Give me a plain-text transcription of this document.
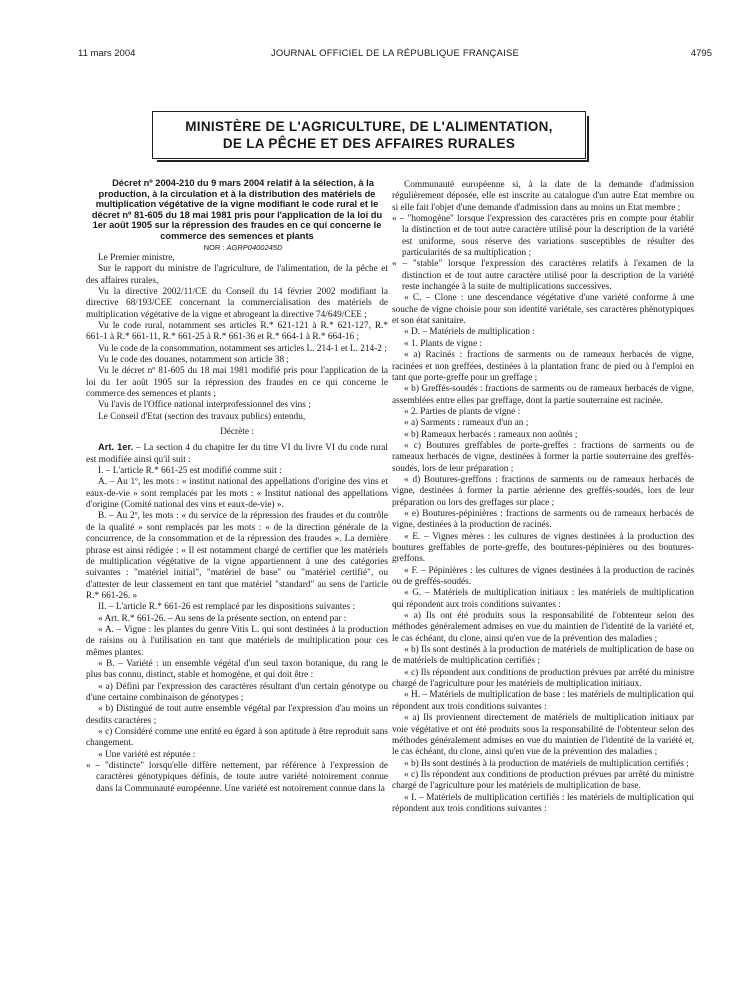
11 mars 2004	JOURNAL OFFICIEL DE LA RÉPUBLIQUE FRANÇAISE	4795
MINISTÈRE DE L'AGRICULTURE, DE L'ALIMENTATION,
DE LA PÊCHE ET DES AFFAIRES RURALES

Décret nº 2004-210 du 9 mars 2004 relatif à la sélection, à la production, à la circulation et à la distribution des matériels de multiplication végétative de la vigne modifiant le code rural et le décret nº 81-605 du 18 mai 1981 pris pour l'application de la loi du 1er août 1905 sur la répression des fraudes en ce qui concerne le commerce des semences et plants

NOR : AGRP0400245D

Le Premier ministre,

Sur le rapport du ministre de l'agriculture, de l'alimentation, de la pêche et des affaires rurales,

Vu la directive 2002/11/CE du Conseil du 14 février 2002 modifiant la directive 68/193/CEE concernant la commercialisation des matériels de multiplication végétative de la vigne et abrogeant la directive 74/649/CEE ;

Vu le code rural, notamment ses articles R.* 621-121 à R.* 621-127, R.* 661-1 à R.* 661-11, R.* 661-25 à R.* 661-36 et R.* 664-1 à R.* 664-16 ;

Vu le code de la consommation, notamment ses articles L. 214-1 et L. 214-2 ;

Vu le code des douanes, notamment son article 38 ;

Vu le décret nº 81-605 du 18 mai 1981 modifié pris pour l'application de la loi du 1er août 1905 sur la répression des fraudes en ce qui concerne le commerce des semences et plants ;

Vu l'avis de l'Office national interprofessionnel des vins ;

Le Conseil d'Etat (section des travaux publics) entendu,

Décrète :

Art. 1er. – La section 4 du chapitre Ier du titre VI du livre VI du code rural est modifiée ainsi qu'il suit :

I. – L'article R.* 661-25 est modifié comme suit :

A. – Au 1º, les mots : « institut national des appellations d'origine des vins et eaux-de-vie » sont remplacés par les mots : « Institut national des appellations d'origine (Comité national des vins et eaux-de-vie) ».

B. – Au 2º, les mots : « du service de la répression des fraudes et du contrôle de la qualité » sont remplacés par les mots : « de la direction générale de la concurrence, de la consommation et de la répression des fraudes ». La dernière phrase est ainsi rédigée : « Il est notamment chargé de certifier que les matériels de multiplication végétative de la vigne appartiennent à une des catégories suivantes : "matériel initial", "matériel de base" ou "matériel certifié", ou d'attester de leur classement en tant que matériel "standard" au sens de l'article R.* 661-26. »

II. – L'article R.* 661-26 est remplacé par les dispositions suivantes :

« Art. R.* 661-26. – Au sens de la présente section, on entend par :

« A. – Vigne : les plantes du genre Vitis L. qui sont destinées à la production de raisins ou à l'utilisation en tant que matériels de multiplication pour ces mêmes plantes.

« B. – Variété : un ensemble végétal d'un seul taxon botanique, du rang le plus bas connu, distinct, stable et homogène, et qui doit être :

« a) Défini par l'expression des caractères résultant d'un certain génotype ou d'une certaine combinaison de génotypes ;

« b) Distingué de tout autre ensemble végétal par l'expression d'au moins un desdits caractères ;

« c) Considéré comme une entité eu égard à son aptitude à être reproduit sans changement.

« Une variété est réputée :

« – "distincte" lorsqu'elle diffère nettement, par référence à l'expression de caractères génotypiques définis, de toute autre variété notoirement connue dans la Communauté européenne. Une variété est notoirement connue dans la

Communauté européenne si, à la date de la demande d'admission régulièrement déposée, elle est inscrite au catalogue d'un autre Etat membre ou si elle fait l'objet d'une demande d'admission dans au moins un Etat membre ;

« – "homogène" lorsque l'expression des caractères pris en compte pour établir la distinction et de tout autre caractère utilisé pour la description de la variété est uniforme, sous réserve des variations susceptibles de résulter des particularités de sa multiplication ;

« – "stable" lorsque l'expression des caractères relatifs à l'examen de la distinction et de tout autre caractère utilisé pour la description de la variété reste inchangée à la suite de multiplications successives.

« C. – Clone : une descendance végétative d'une variété conforme à une souche de vigne choisie pour son identité variétale, ses caractères phénotypiques et son état sanitaire.

« D. – Matériels de multiplication :

« 1. Plants de vigne :

« a) Racinés : fractions de sarments ou de rameaux herbacés de vigne, racinées et non greffées, destinées à la plantation franc de pied ou à l'emploi en tant que porte-greffe pour un greffage ;

« b) Greffés-soudés : fractions de sarments ou de rameaux herbacés de vigne, assemblées entre elles par greffage, dont la partie souterraine est racinée.

« 2. Parties de plants de vigne :

« a) Sarments : rameaux d'un an ;

« b) Rameaux herbacés : rameaux non aoûtés ;

« c) Boutures greffables de porte-greffes : fractions de sarments ou de rameaux herbacés de vigne, destinées à former la partie souterraine des greffés-soudés, lors de leur préparation ;

« d) Boutures-greffons : fractions de sarments ou de rameaux herbacés de vigne, destinées à former la partie aérienne des greffés-soudés, lors de leur préparation ou lors des greffages sur place ;

« e) Boutures-pépinières : fractions de sarments ou de rameaux herbacés de vigne, destinées à la production de racinés.

« E. – Vignes mères : les cultures de vignes destinées à la production des boutures greffables de porte-greffe, des boutures-pépinières ou des boutures-greffons.

« F. – Pépinières : les cultures de vignes destinées à la production de racinés ou de greffés-soudés.

« G. – Matériels de multiplication initiaux : les matériels de multiplication qui répondent aux trois conditions suivantes :

« a) Ils ont été produits sous la responsabilité de l'obtenteur selon des méthodes généralement admises en vue du maintien de l'identité de la variété et, le cas échéant, du clone, ainsi qu'en vue de la prévention des maladies ;

« b) Ils sont destinés à la production de matériels de multiplication de base ou de matériels de multiplication certifiés ;

« c) Ils répondent aux conditions de production prévues par arrêté du ministre chargé de l'agriculture pour les matériels de multiplication initiaux.

« H. – Matériels de multiplication de base : les matériels de multiplication qui répondent aux trois conditions suivantes :

« a) Ils proviennent directement de matériels de multiplication initiaux par voie végétative et ont été produits sous la responsabilité de l'obtenteur selon des méthodes généralement admises en vue du maintien de l'identité de la variété et, le cas échéant, du clone, ainsi qu'en vue de la prévention des maladies ;

« b) Ils sont destinés à la production de matériels de multiplication certifiés ;

« c) Ils répondent aux conditions de production prévues par arrêté du ministre chargé de l'agriculture pour les matériels de multiplication de base.

« I. – Matériels de multiplication certifiés : les matériels de multiplication qui répondent aux trois conditions suivantes :
